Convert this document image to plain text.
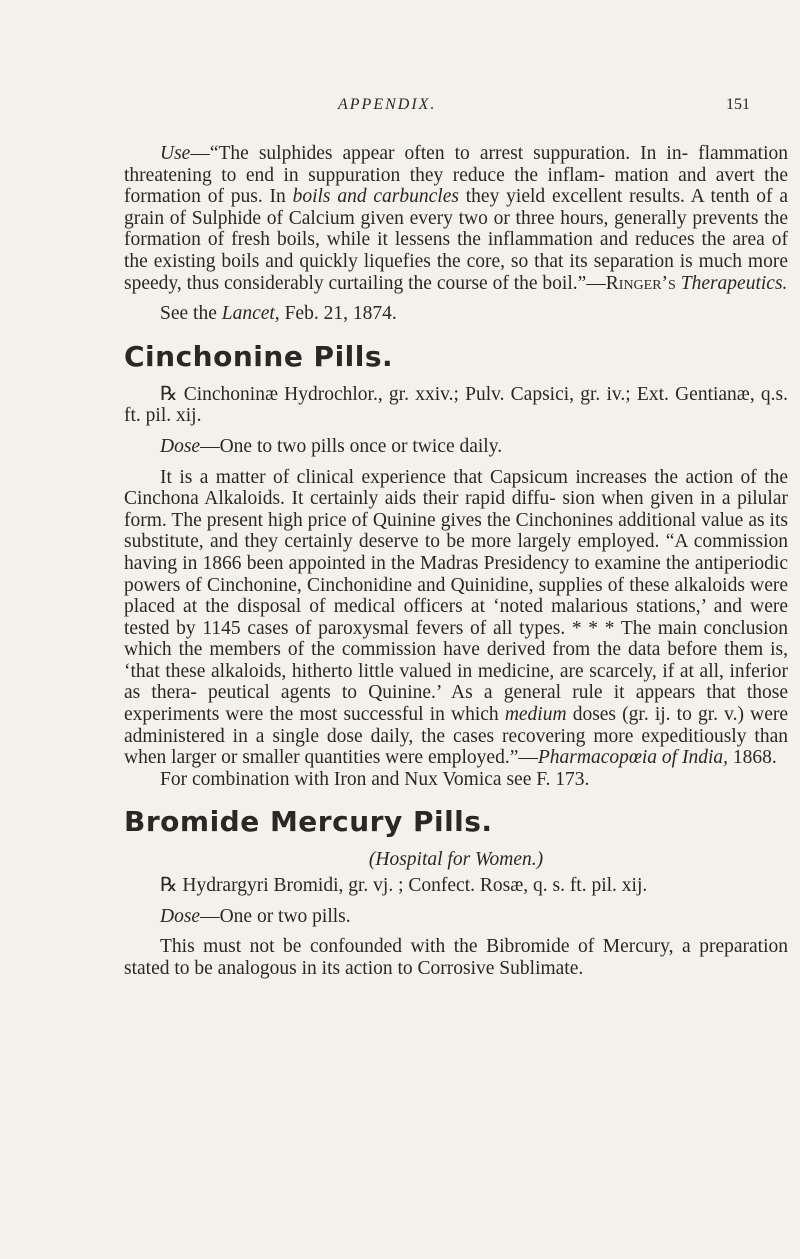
APPENDIX.	151

Use—“The sulphides appear often to arrest suppuration. In in- flammation threatening to end in suppuration they reduce the inflam- mation and avert the formation of pus. In boils and carbuncles they yield excellent results. A tenth of a grain of Sulphide of Calcium given every two or three hours, generally prevents the formation of fresh boils, while it lessens the inflammation and reduces the area of the existing boils and quickly liquefies the core, so that its separation is much more speedy, thus considerably curtailing the course of the boil.”—Ringer’s Therapeutics.

See the Lancet, Feb. 21, 1874.

Cinchonine Pills.

℞ Cinchoninæ Hydrochlor., gr. xxiv.; Pulv. Capsici, gr. iv.; Ext. Gentianæ, q.s. ft. pil. xij.

Dose—One to two pills once or twice daily.

It is a matter of clinical experience that Capsicum increases the action of the Cinchona Alkaloids. It certainly aids their rapid diffu- sion when given in a pilular form. The present high price of Quinine gives the Cinchonines additional value as its substitute, and they certainly deserve to be more largely employed. “A commission having in 1866 been appointed in the Madras Presidency to examine the antiperiodic powers of Cinchonine, Cinchonidine and Quinidine, supplies of these alkaloids were placed at the disposal of medical officers at ‘noted malarious stations,’ and were tested by 1145 cases of paroxysmal fevers of all types. * * * The main conclusion which the members of the commission have derived from the data before them is, ‘that these alkaloids, hitherto little valued in medicine, are scarcely, if at all, inferior as thera- peutical agents to Quinine.’ As a general rule it appears that those experiments were the most successful in which medium doses (gr. ij. to gr. v.) were administered in a single dose daily, the cases recovering more expeditiously than when larger or smaller quantities were employed.”—Pharmacopœia of India, 1868.

For combination with Iron and Nux Vomica see F. 173.

Bromide Mercury Pills.

(Hospital for Women.)

℞ Hydrargyri Bromidi, gr. vj. ; Confect. Rosæ, q. s. ft. pil. xij.

Dose—One or two pills.

This must not be confounded with the Bibromide of Mercury, a preparation stated to be analogous in its action to Corrosive Sublimate.
